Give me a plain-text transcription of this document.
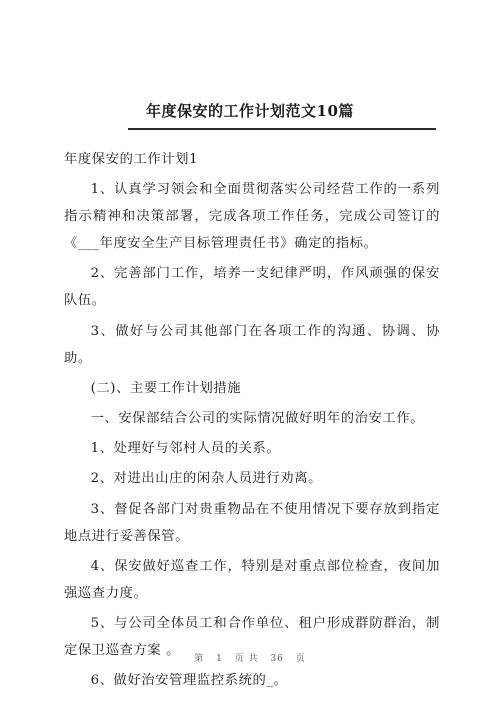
年度保安的工作计划范文10篇

年度保安的工作计划1

1、认真学习领会和全面贯彻落实公司经营工作的一系列指示精神和决策部署，完成各项工作任务，完成公司签订的《___年度安全生产目标管理责任书》确定的指标。

2、完善部门工作，培养一支纪律严明，作风顽强的保安队伍。

3、做好与公司其他部门在各项工作的沟通、协调、协助。

(二)、主要工作计划措施

一、安保部结合公司的实际情况做好明年的治安工作。

1、处理好与邻村人员的关系。

2、对进出山庄的闲杂人员进行劝离。

3、督促各部门对贵重物品在不使用情况下要存放到指定地点进行妥善保管。

4、保安做好巡查工作，特别是对重点部位检查，夜间加强巡查力度。

5、与公司全体员工和合作单位、租户形成群防群治，制定保卫巡查方案 。

6、做好治安管理监控系统的_。

第 1 页 共 36 页
